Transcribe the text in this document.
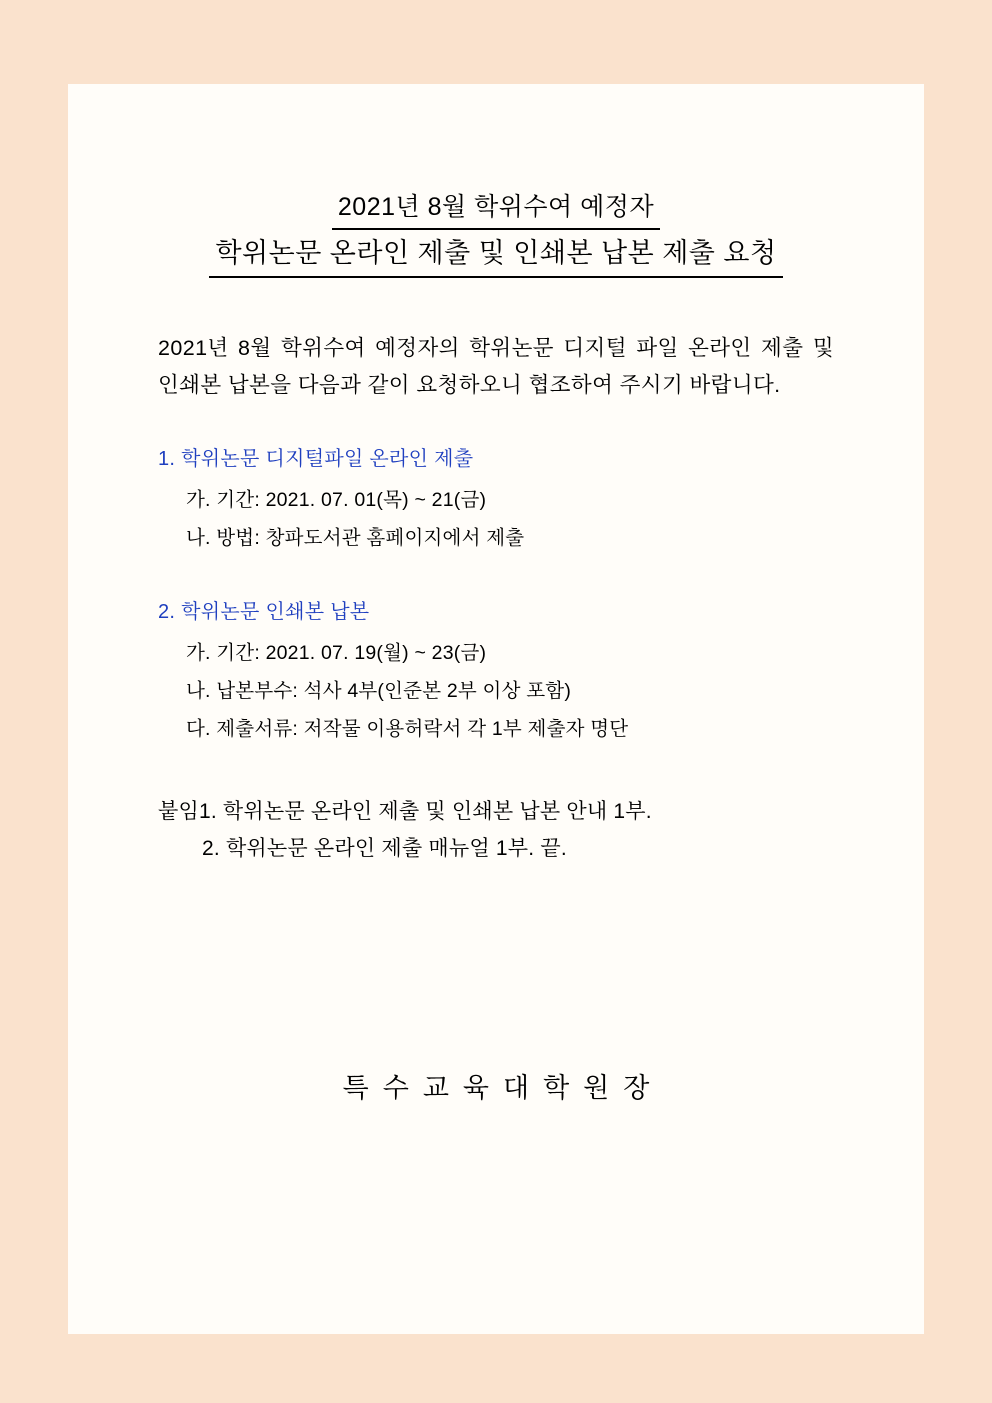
2021년 8월 학위수여 예정자
학위논문 온라인 제출 및 인쇄본 납본 제출 요청

2021년 8월 학위수여 예정자의 학위논문 디지털 파일 온라인 제출 및 인쇄본 납본을 다음과 같이 요청하오니 협조하여 주시기 바랍니다.

1. 학위논문 디지털파일 온라인 제출
가. 기간: 2021. 07. 01(목) ~ 21(금)
나. 방법: 창파도서관 홈페이지에서 제출
2. 학위논문 인쇄본 납본
가. 기간: 2021. 07. 19(월) ~ 23(금)
나. 납본부수: 석사 4부(인준본 2부 이상 포함)
다. 제출서류: 저작물 이용허락서 각 1부 제출자 명단
붙임1. 학위논문 온라인 제출 및 인쇄본 납본 안내 1부.
2. 학위논문 온라인 제출 매뉴얼 1부. 끝.
특수교육대학원장
